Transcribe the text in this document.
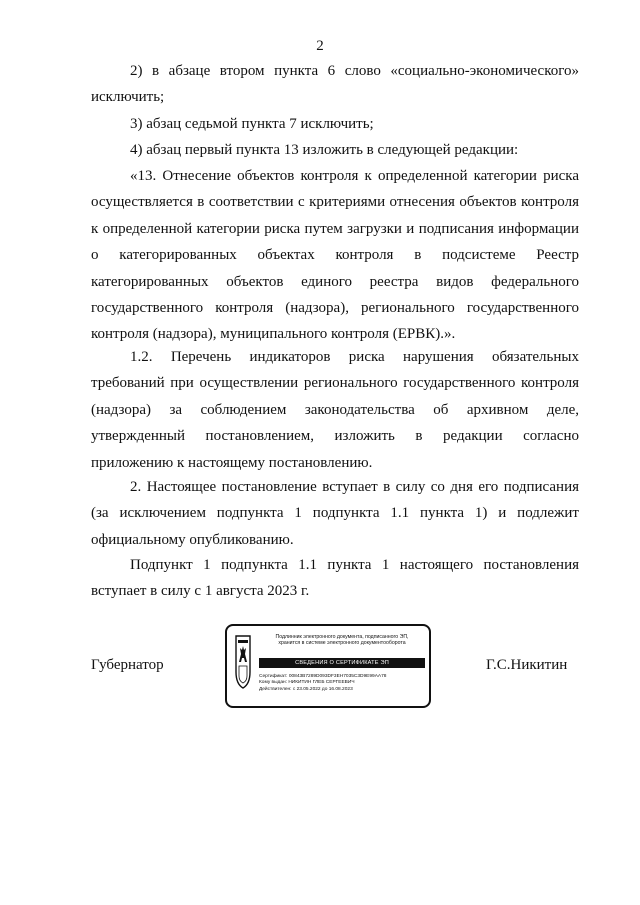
2

2) в абзаце втором пункта 6 слово «социально-экономического»
исключить;

3) абзац седьмой пункта 7 исключить;

4) абзац первый пункта 13 изложить в следующей редакции:

«13. Отнесение объектов контроля к определенной категории риска
осуществляется в соответствии с критериями отнесения объектов контроля
к определенной категории риска путем загрузки и подписания информации
о категорированных объектах контроля в подсистеме Реестр
категорированных объектов единого реестра видов федерального
государственного контроля (надзора), регионального государственного
контроля (надзора), муниципального контроля (ЕРВК).».

1.2. Перечень индикаторов риска нарушения обязательных
требований при осуществлении регионального государственного контроля
(надзора) за соблюдением законодательства об архивном деле,
утвержденный постановлением, изложить в редакции согласно
приложению к настоящему постановлению.

2. Настоящее постановление вступает в силу со дня его подписания
(за исключением подпункта 1 подпункта 1.1 пункта 1) и подлежит
официальному опубликованию.

Подпункт 1 подпункта 1.1 пункта 1 настоящего постановления
вступает в силу с 1 августа 2023 г.

Губернатор	Г.С.Никитин
Подлинник электронного документа, подписанного ЭП,
хранится в системе электронного документооборота
СВЕДЕНИЯ О СЕРТИФИКАТЕ ЭП
Сертификат: 00843B7289D093DF3EH7035C3D9E99AA78
Кому выдан: НИКИТИН ГЛЕБ СЕРГЕЕВИЧ
Действителен: с 23.05.2022 до 16.08.2023
